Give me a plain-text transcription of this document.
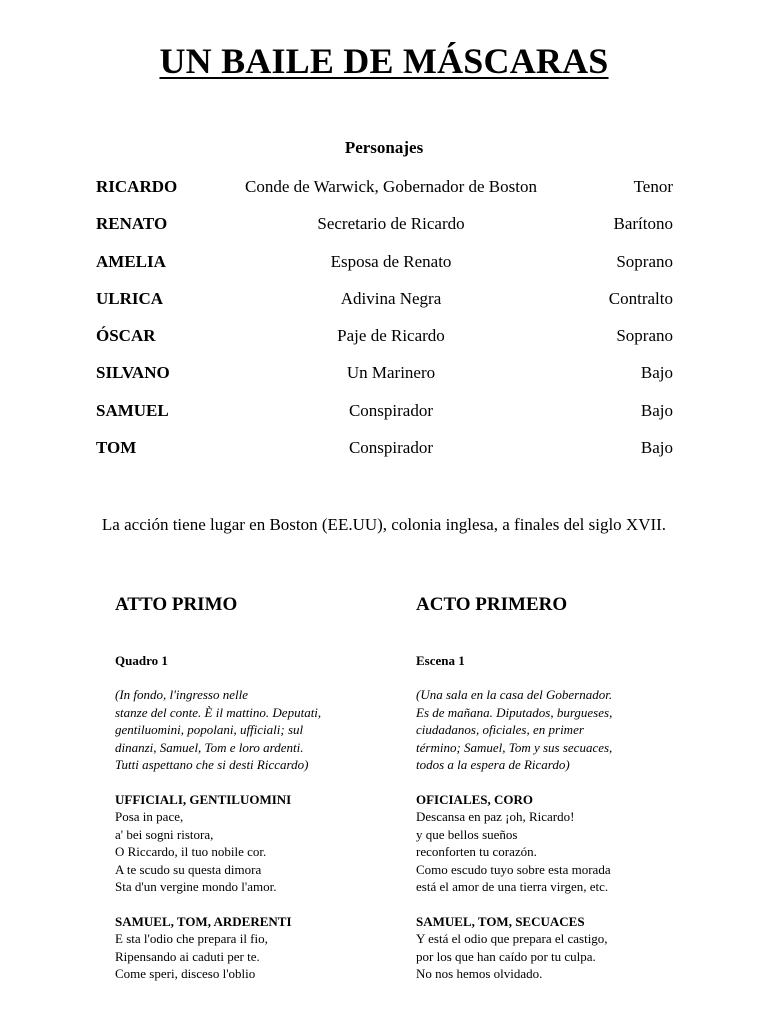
UN BAILE DE MÁSCARAS
Personajes
RICARDO	Conde de Warwick, Gobernador de Boston	Tenor
RENATO	Secretario de Ricardo	Barítono
AMELIA	Esposa de Renato	Soprano
ULRICA	Adivina Negra	Contralto
ÓSCAR	Paje de Ricardo	Soprano
SILVANO	Un Marinero	Bajo
SAMUEL	Conspirador	Bajo
TOM	Conspirador	Bajo
La acción tiene lugar en Boston (EE.UU), colonia inglesa, a finales del siglo XVII.
ATTO PRIMO
Quadro 1
(In fondo, l'ingresso nelle
stanze del conte. È il mattino. Deputati,
gentiluomini, popolani, ufficiali; sul
dinanzi, Samuel, Tom e loro ardenti.
Tutti aspettano che si desti Riccardo)
UFFICIALI, GENTILUOMINI
Posa in pace,
a' bei sogni ristora,
O Riccardo, il tuo nobile cor.
A te scudo su questa dimora
Sta d'un vergine mondo l'amor.
SAMUEL, TOM, ARDERENTI
E sta l'odio che prepara il fio,
Ripensando ai caduti per te.
Come speri, disceso l'oblio
ACTO PRIMERO
Escena 1
(Una sala en la casa del Gobernador.
Es de mañana. Diputados, burgueses,
ciudadanos, oficiales, en primer
término; Samuel, Tom y sus secuaces,
todos a la espera de Ricardo)
OFICIALES, CORO
Descansa en paz ¡oh, Ricardo!
y que bellos sueños
reconforten tu corazón.
Como escudo tuyo sobre esta morada
está el amor de una tierra virgen, etc.
SAMUEL, TOM, SECUACES
Y está el odio que prepara el castigo,
por los que han caído por tu culpa.
No nos hemos olvidado.
